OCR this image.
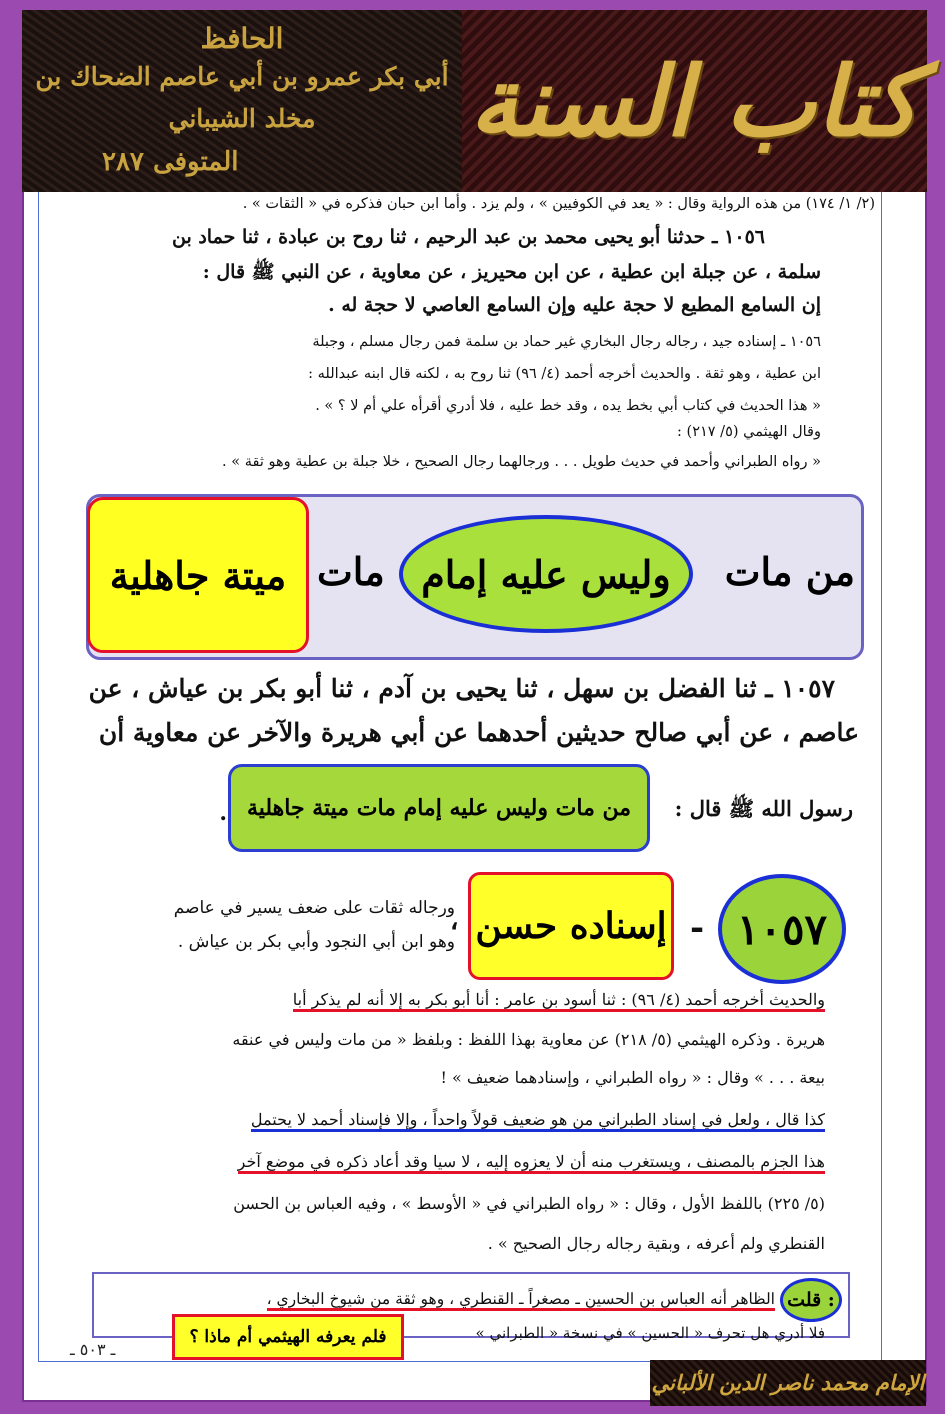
الحافظ
أبي بكر عمرو بن أبي عاصم الضحاك بن مخلد الشيباني
المتوفى ٢٨٧
كتاب السنة
(٢/ ١/ ١٧٤) من هذه الرواية وقال : « يعد في الكوفيين » ، ولم يزد . وأما ابن حبان فذكره في « الثقات » .
١٠٥٦ ـ حدثنا أبو يحيى محمد بن عبد الرحيم ، ثنا روح بن عبادة ، ثنا حماد بن
سلمة ، عن جبلة ابن عطية ، عن ابن محيريز ، عن معاوية ، عن النبي ﷺ قال :
إن السامع المطيع لا حجة عليه وإن السامع العاصي لا حجة له .
١٠٥٦ ـ إسناده جيد ، رجاله رجال البخاري غير حماد بن سلمة فمن رجال مسلم ، وجبلة
ابن عطية ، وهو ثقة . والحديث أخرجه أحمد (٤/ ٩٦) ثنا روح به ، لكنه قال ابنه عبدالله :
« هذا الحديث في كتاب أبي بخط يده ، وقد خط عليه ، فلا أدري أقرأه علي أم لا ؟ » .
وقال الهيثمي (٥/ ٢١٧) :
« رواه الطبراني وأحمد في حديث طويل . . . ورجالهما رجال الصحيح ، خلا جبلة بن عطية وهو ثقة » .
من مات
وليس عليه إمام
مات
ميتة جاهلية
١٠٥٧ ـ ثنا الفضل بن سهل ، ثنا يحيى بن آدم ، ثنا أبو بكر بن عياش ، عن
عاصم ، عن أبي صالح حديثين أحدهما عن أبي هريرة والآخر عن معاوية أن
رسول الله ﷺ قال :
من مات وليس عليه إمام مات ميتة جاهلية
.
١٠٥٧
-
إسناده حسن
،
ورجاله ثقات على ضعف يسير في عاصم
وهو ابن أبي النجود وأبي بكر بن عياش .
والحديث أخرجه أحمد (٤/ ٩٦) : ثنا أسود بن عامر : أنا أبو بكر به إلا أنه لم يذكر أبا
هريرة . وذكره الهيثمي (٥/ ٢١٨) عن معاوية بهذا اللفظ : وبلفظ « من مات وليس في عنقه
بيعة . . . » وقال : « رواه الطبراني ، وإسنادهما ضعيف » !
كذا قال ، ولعل في إسناد الطبراني من هو ضعيف قولاً واحداً ، وإلا فإسناد أحمد لا يحتمل
هذا الجزم بالمصنف ، ويستغرب منه أن لا يعزوه إليه ، لا سيا وقد أعاد ذكره في موضع آخر
(٥/ ٢٢٥) باللفظ الأول ، وقال : « رواه الطبراني في « الأوسط » ، وفيه العباس بن الحسن
القنطري ولم أعرفه ، وبقية رجاله رجال الصحيح » .
قلت :
الظاهر أنه العباس بن الحسين ـ مصغراً ـ القنطري ، وهو ثقة من شيوخ البخاري ،
فلا أدري هل تحرف « الحسين » في نسخة « الطبراني »
فلم يعرفه الهيثمي أم ماذا ؟
ـ ٥٠٣ ـ
الإمام محمد ناصر الدين الألباني
